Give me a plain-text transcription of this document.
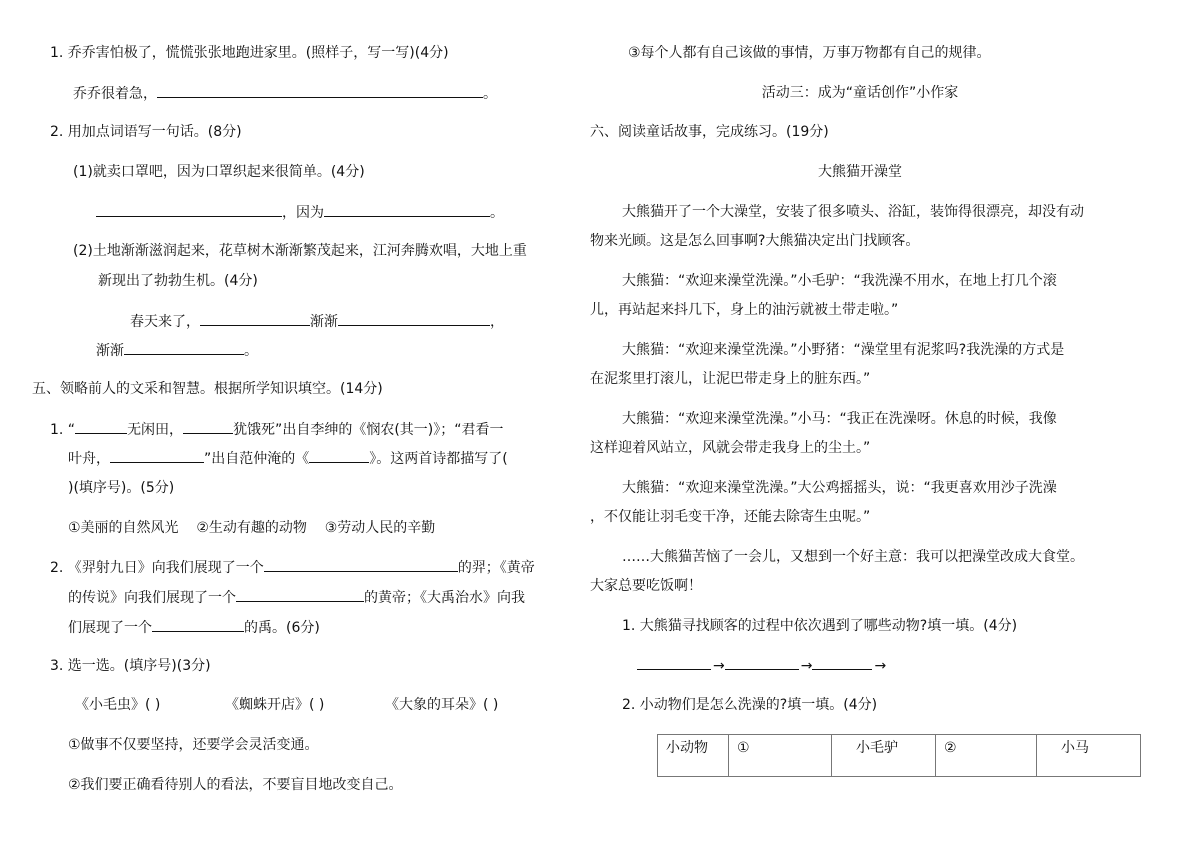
1. 乔乔害怕极了，慌慌张张地跑进家里。(照样子，写一写)(4分)
乔乔很着急，	。
2. 用加点词语写一句话。(8分)
(1)就卖口罩吧，因为口罩织起来很简单。(4分)
，因为	。
(2)土地渐渐滋润起来，花草树木渐渐繁茂起来，江河奔腾欢唱，大地上重
新现出了勃勃生机。(4分)
春天来了，	渐渐	，
渐渐	。
五、领略前人的文采和智慧。根据所学知识填空。(14分)
1. “	无闲田，	犹饿死”出自李绅的《悯农(其一)》；“君看一
叶舟，	”出自范仲淹的《	》。这两首诗都描写了(
)(填序号)。(5分)
①美丽的自然风光    ②生动有趣的动物    ③劳动人民的辛勤
2. 《羿射九日》向我们展现了一个	的羿；《黄帝
的传说》向我们展现了一个	的黄帝；《大禹治水》向我
们展现了一个	的禹。(6分)
3. 选一选。(填序号)(3分)
《小毛虫》( )	《蜘蛛开店》( )	《大象的耳朵》( )
①做事不仅要坚持，还要学会灵活变通。
②我们要正确看待别人的看法，不要盲目地改变自己。
③每个人都有自己该做的事情，万事万物都有自己的规律。
活动三：成为“童话创作”小作家
六、阅读童话故事，完成练习。(19分)
大熊猫开澡堂
大熊猫开了一个大澡堂，安装了很多喷头、浴缸，装饰得很漂亮，却没有动
物来光顾。这是怎么回事啊?大熊猫决定出门找顾客。
大熊猫：“欢迎来澡堂洗澡。”小毛驴：“我洗澡不用水，在地上打几个滚
儿，再站起来抖几下，身上的油污就被土带走啦。”
大熊猫：“欢迎来澡堂洗澡。”小野猪：“澡堂里有泥浆吗?我洗澡的方式是
在泥浆里打滚儿，让泥巴带走身上的脏东西。”
大熊猫：“欢迎来澡堂洗澡。”小马：“我正在洗澡呀。休息的时候，我像
这样迎着风站立，风就会带走我身上的尘土。”
大熊猫：“欢迎来澡堂洗澡。”大公鸡摇摇头，说：“我更喜欢用沙子洗澡
，不仅能让羽毛变干净，还能去除寄生虫呢。”
……大熊猫苦恼了一会儿，又想到一个好主意：我可以把澡堂改成大食堂。
大家总要吃饭啊！
1. 大熊猫寻找顾客的过程中依次遇到了哪些动物?填一填。(4分)
→	→	→
2. 小动物们是怎么洗澡的?填一填。(4分)
小动物	①	小毛驴	②	小马
